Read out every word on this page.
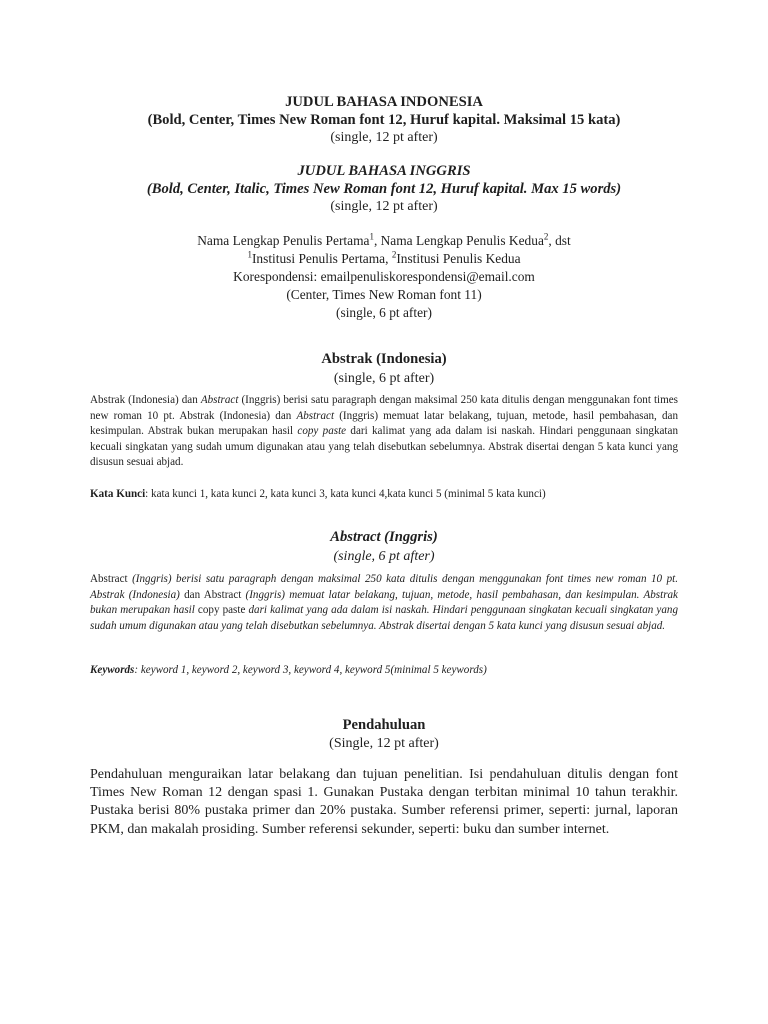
JUDUL BAHASA INDONESIA
(Bold, Center, Times New Roman font 12, Huruf kapital. Maksimal 15 kata)
(single, 12 pt after)
JUDUL BAHASA INGGRIS
(Bold, Center, Italic, Times New Roman font 12, Huruf kapital. Max 15 words)
(single, 12 pt after)
Nama Lengkap Penulis Pertama$^1$, Nama Lengkap Penulis Kedua$^2$, dst
$^1$Institusi Penulis Pertama, $^2$Institusi Penulis Kedua
Korespondensi: emailpenuliskorespondensi@email.com
(Center, Times New Roman font 11)
(single, 6 pt after)
Abstrak (Indonesia)
(single, 6 pt after)
Abstrak (Indonesia) dan Abstract (Inggris) berisi satu paragraph dengan maksimal 250 kata ditulis dengan menggunakan font times new roman 10 pt. Abstrak (Indonesia) dan Abstract (Inggris) memuat latar belakang, tujuan, metode, hasil pembahasan, dan kesimpulan. Abstrak bukan merupakan hasil copy paste dari kalimat yang ada dalam isi naskah. Hindari penggunaan singkatan kecuali singkatan yang sudah umum digunakan atau yang telah disebutkan sebelumnya. Abstrak disertai dengan 5 kata kunci yang disusun sesuai abjad.
Kata Kunci: kata kunci 1, kata kunci 2, kata kunci 3, kata kunci 4,kata kunci 5 (minimal 5 kata kunci)
Abstract (Inggris)
(single, 6 pt after)
Abstract (Inggris) berisi satu paragraph dengan maksimal 250 kata ditulis dengan menggunakan font times new roman 10 pt. Abstrak (Indonesia) dan Abstract (Inggris) memuat latar belakang, tujuan, metode, hasil pembahasan, dan kesimpulan. Abstrak bukan merupakan hasil copy paste dari kalimat yang ada dalam isi naskah. Hindari penggunaan singkatan kecuali singkatan yang sudah umum digunakan atau yang telah disebutkan sebelumnya. Abstrak disertai dengan 5 kata kunci yang disusun sesuai abjad.
Keywords: keyword 1, keyword 2, keyword 3, keyword 4, keyword 5(minimal 5 keywords)
Pendahuluan
(Single, 12 pt after)
Pendahuluan menguraikan latar belakang dan tujuan penelitian. Isi pendahuluan ditulis dengan font Times New Roman 12 dengan spasi 1. Gunakan Pustaka dengan terbitan minimal 10 tahun terakhir. Pustaka berisi 80% pustaka primer dan 20% pustaka. Sumber referensi primer, seperti: jurnal, laporan PKM, dan makalah prosiding. Sumber referensi sekunder, seperti: buku dan sumber internet.
